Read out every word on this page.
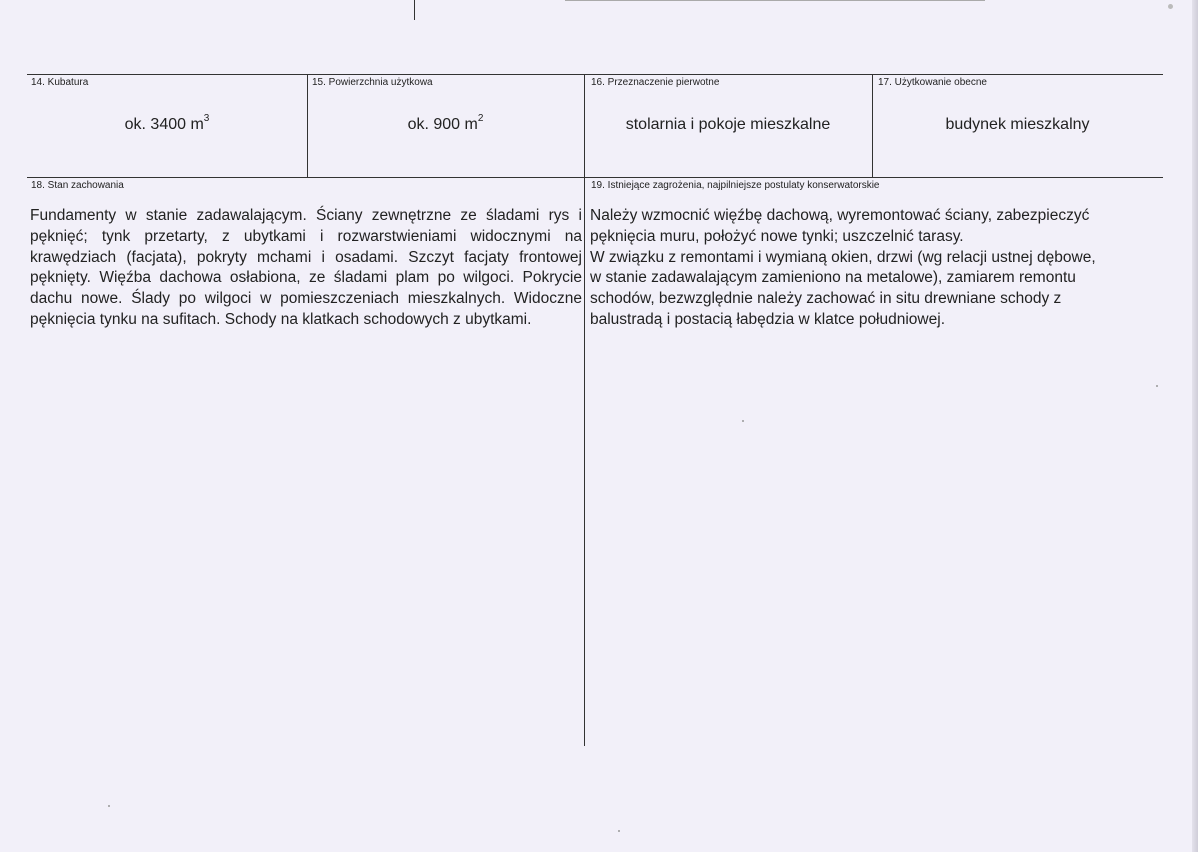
14. Kubatura
ok. 3400 $m^3$
15. Powierzchnia użytkowa
ok. 900 $m^2$
16. Przeznaczenie pierwotne
stolarnia i pokoje mieszkalne
17. Użytkowanie obecne
budynek mieszkalny
18. Stan zachowania
Fundamenty w stanie zadawalającym. Ściany zewnętrzne ze śladami rys i pęknięć; tynk przetarty, z ubytkami i rozwarstwieniami widocznymi na krawędziach (facjata), pokryty mchami i osadami. Szczyt facjaty frontowej pęknięty. Więźba dachowa osłabiona, ze śladami plam po wilgoci. Pokrycie dachu nowe. Ślady po wilgoci w pomieszczeniach mieszkalnych. Widoczne pęknięcia tynku na sufitach. Schody na klatkach schodowych z ubytkami.
19. Istniejące zagrożenia, najpilniejsze postulaty konserwatorskie

Należy wzmocnić więźbę dachową, wyremontować ściany, zabezpieczyć

pęknięcia muru, położyć nowe tynki; uszczelnić tarasy.

W związku z remontami i wymianą okien, drzwi (wg relacji ustnej dębowe,

w stanie zadawalającym zamieniono na metalowe), zamiarem remontu

schodów, bezwzględnie należy zachować in situ drewniane schody z

balustradą i postacią łabędzia w klatce południowej.
